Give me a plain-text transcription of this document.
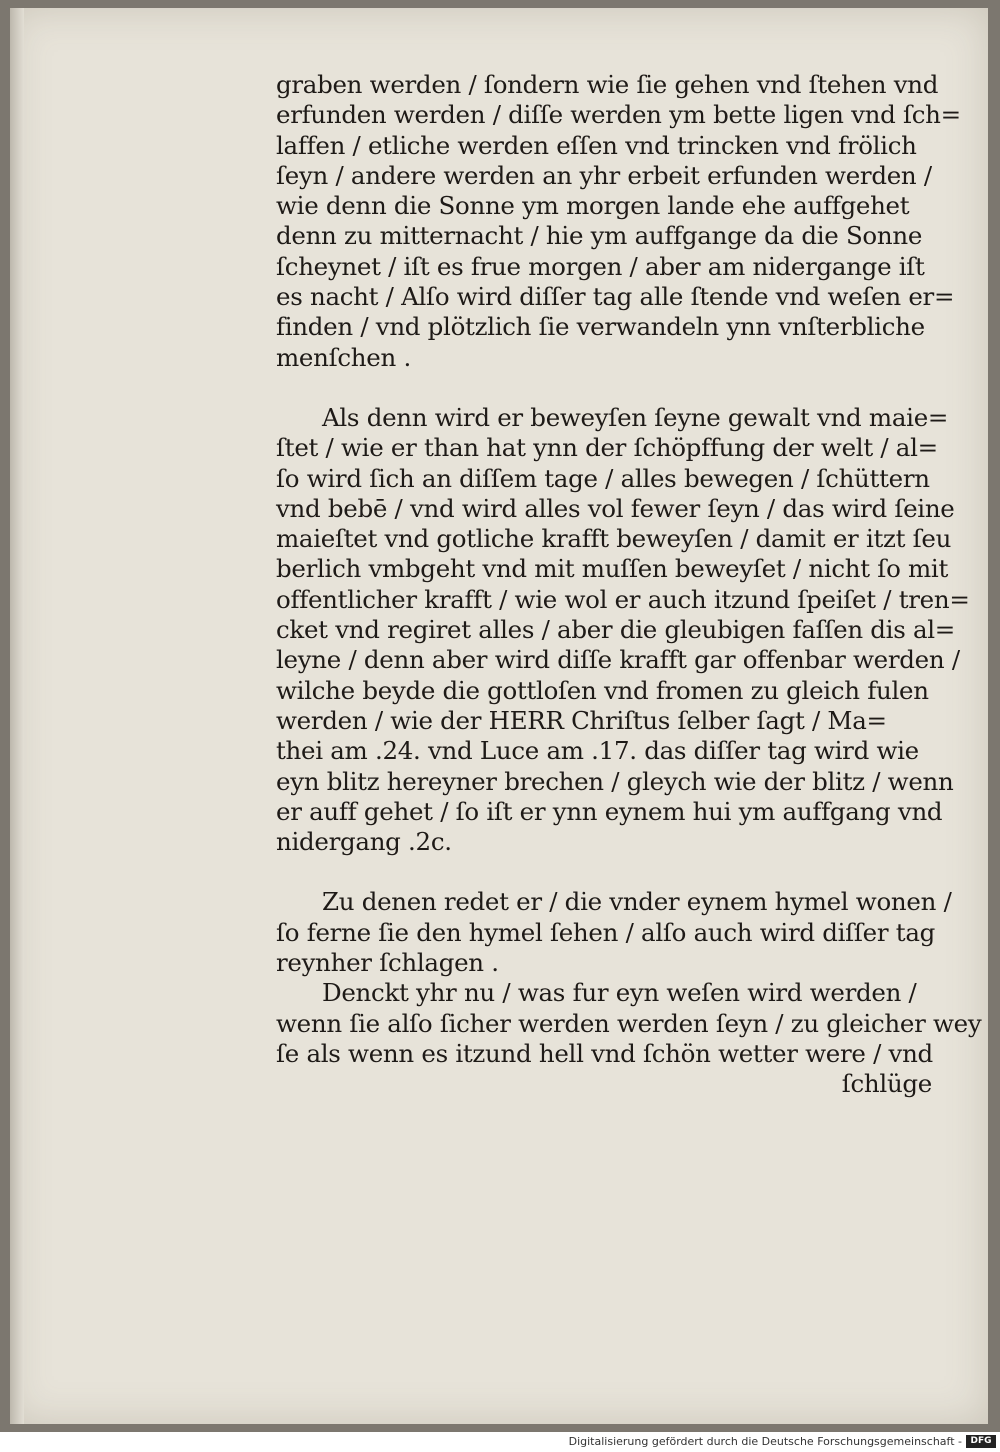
graben werden / ſondern wie ſie gehen vnd ſtehen vnd
erfunden werden / diſſe werden ym bette ligen vnd ſch=
laffen / etliche werden eſſen vnd trincken vnd frölich
ſeyn / andere werden an yhr erbeit erfunden werden /
wie denn die Sonne ym morgen lande ehe auffgehet
denn zu mitternacht / hie ym auffgange da die Sonne
ſcheynet / iſt es frue morgen / aber am nidergange iſt
es nacht / Alſo wird diſſer tag alle ſtende vnd weſen er=
finden / vnd plötzlich ſie verwandeln ynn vnſterbliche
menſchen .

Als denn wird er beweyſen ſeyne gewalt vnd maie=
ſtet / wie er than hat ynn der ſchöpffung der welt / al=
ſo wird ſich an diſſem tage / alles bewegen / ſchüttern
vnd bebē / vnd wird alles vol fewer ſeyn / das wird ſeine
maieſtet vnd gotliche krafft beweyſen / damit er itzt ſeu
berlich vmbgeht vnd mit muſſen beweyſet / nicht ſo mit
offentlicher krafft / wie wol er auch itzund ſpeiſet / tren=
cket vnd regiret alles / aber die gleubigen faſſen dis al=
leyne / denn aber wird diſſe krafft gar offenbar werden /
wilche beyde die gottloſen vnd fromen zu gleich fulen
werden / wie der HERR Chriſtus ſelber ſagt / Ma=
thei am .24. vnd Luce am .17. das diſſer tag wird wie
eyn blitz hereyner brechen / gleych wie der blitz / wenn
er auff gehet / ſo iſt er ynn eynem hui ym auffgang vnd
nidergang .2c.

Zu denen redet er / die vnder eynem hymel wonen /
ſo ferne ſie den hymel ſehen / alſo auch wird diſſer tag
reynher ſchlagen .

Denckt yhr nu / was fur eyn weſen wird werden /
wenn ſie alſo ſicher werden werden ſeyn / zu gleicher wey
ſe als wenn es itzund hell vnd ſchön wetter were / vnd

ſchlüge
Digitalisierung gefördert durch die Deutsche Forschungsgemeinschaft - DFG
